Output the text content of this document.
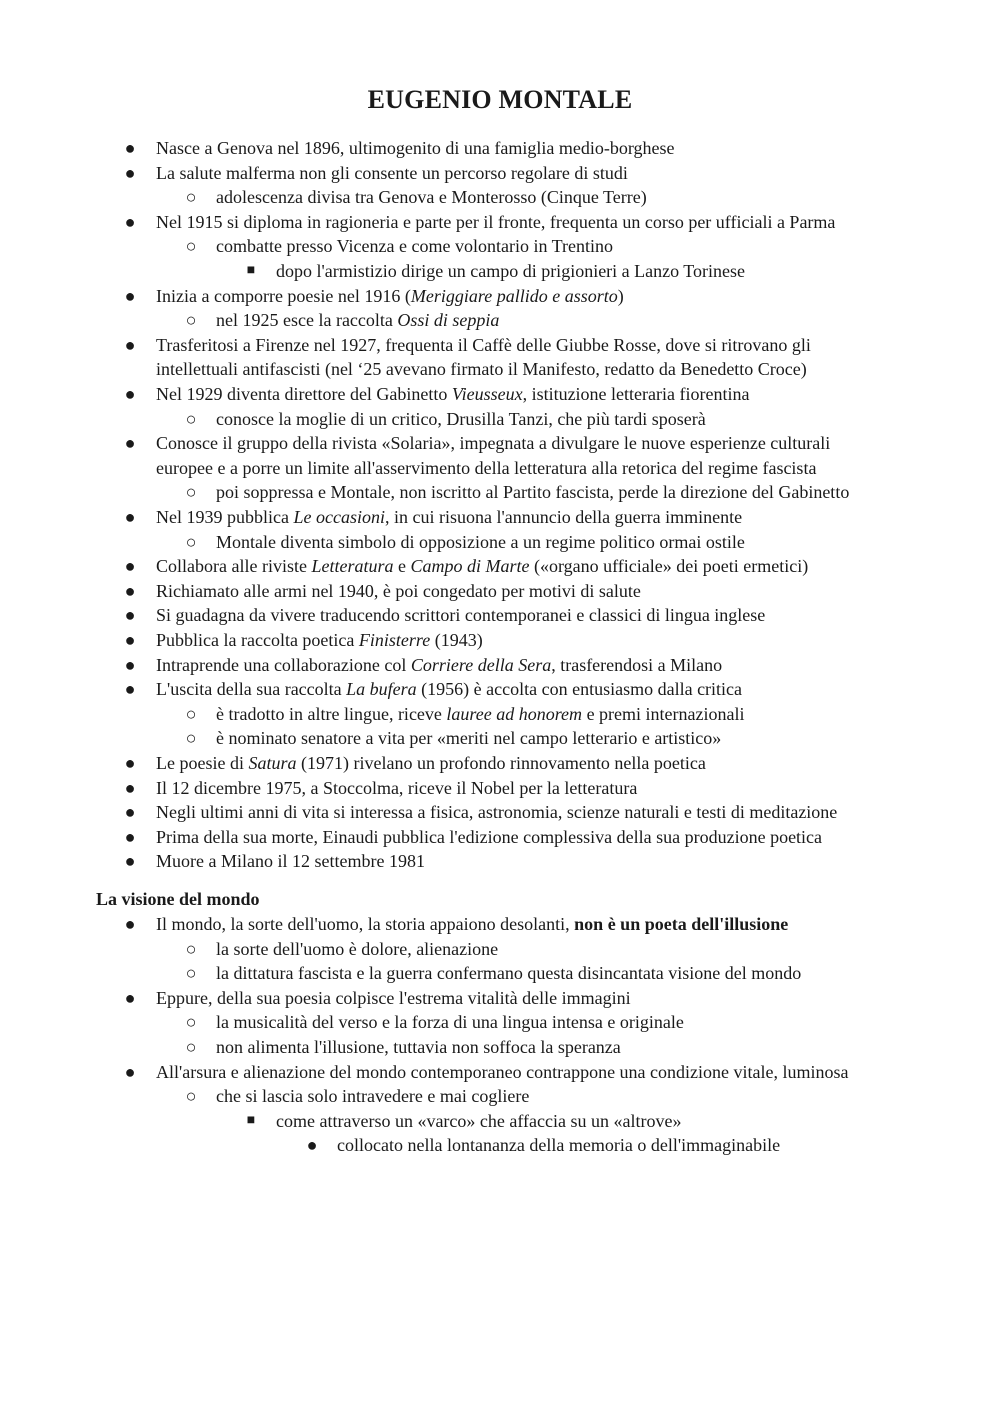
EUGENIO MONTALE
● Nasce a Genova nel 1896, ultimogenito di una famiglia medio-borghese
● La salute malferma non gli consente un percorso regolare di studi
○ adolescenza divisa tra Genova e Monterosso (Cinque Terre)
● Nel 1915 si diploma in ragioneria e parte per il fronte, frequenta un corso per ufficiali a Parma
○ combatte presso Vicenza e come volontario in Trentino
■	dopo l'armistizio dirige un campo di prigionieri a Lanzo Torinese
● Inizia a comporre poesie nel 1916 (Meriggiare pallido e assorto)
○ nel 1925 esce la raccolta Ossi di seppia
● Trasferitosi a Firenze nel 1927, frequenta il Caffè delle Giubbe Rosse, dove si ritrovano gli
intellettuali antifascisti (nel ‘25 avevano firmato il Manifesto, redatto da Benedetto Croce)
● Nel 1929 diventa direttore del Gabinetto Vieusseux, istituzione letteraria fiorentina
○ conosce la moglie di un critico, Drusilla Tanzi, che più tardi sposerà
● Conosce il gruppo della rivista «Solaria», impegnata a divulgare le nuove esperienze culturali
europee e a porre un limite all'asservimento della letteratura alla retorica del regime fascista
○ poi soppressa e Montale, non iscritto al Partito fascista, perde la direzione del Gabinetto
● Nel 1939 pubblica Le occasioni, in cui risuona l'annuncio della guerra imminente
○ Montale diventa simbolo di opposizione a un regime politico ormai ostile
● Collabora alle riviste Letteratura e Campo di Marte («organo ufficiale» dei poeti ermetici)
● Richiamato alle armi nel 1940, è poi congedato per motivi di salute
● Si guadagna da vivere traducendo scrittori contemporanei e classici di lingua inglese
● Pubblica la raccolta poetica Finisterre (1943)
● Intraprende una collaborazione col Corriere della Sera, trasferendosi a Milano
● L'uscita della sua raccolta La bufera (1956) è accolta con entusiasmo dalla critica
○ è tradotto in altre lingue, riceve lauree ad honorem e premi internazionali
○ è nominato senatore a vita per «meriti nel campo letterario e artistico»
● Le poesie di Satura (1971) rivelano un profondo rinnovamento nella poetica
● Il 12 dicembre 1975, a Stoccolma, riceve il Nobel per la letteratura
● Negli ultimi anni di vita si interessa a fisica, astronomia, scienze naturali e testi di meditazione
● Prima della sua morte, Einaudi pubblica l'edizione complessiva della sua produzione poetica
● Muore a Milano il 12 settembre 1981
La visione del mondo
● Il mondo, la sorte dell'uomo, la storia appaiono desolanti, non è un poeta dell'illusione
○ la sorte dell'uomo è dolore, alienazione
○ la dittatura fascista e la guerra confermano questa disincantata visione del mondo
● Eppure, della sua poesia colpisce l'estrema vitalità delle immagini
○ la musicalità del verso e la forza di una lingua intensa e originale
○ non alimenta l'illusione, tuttavia non soffoca la speranza
● All'arsura e alienazione del mondo contemporaneo contrappone una condizione vitale, luminosa
○ che si lascia solo intravedere e mai cogliere
■	come attraverso un «varco» che affaccia su un «altrove»
● collocato nella lontananza della memoria o dell'immaginabile
